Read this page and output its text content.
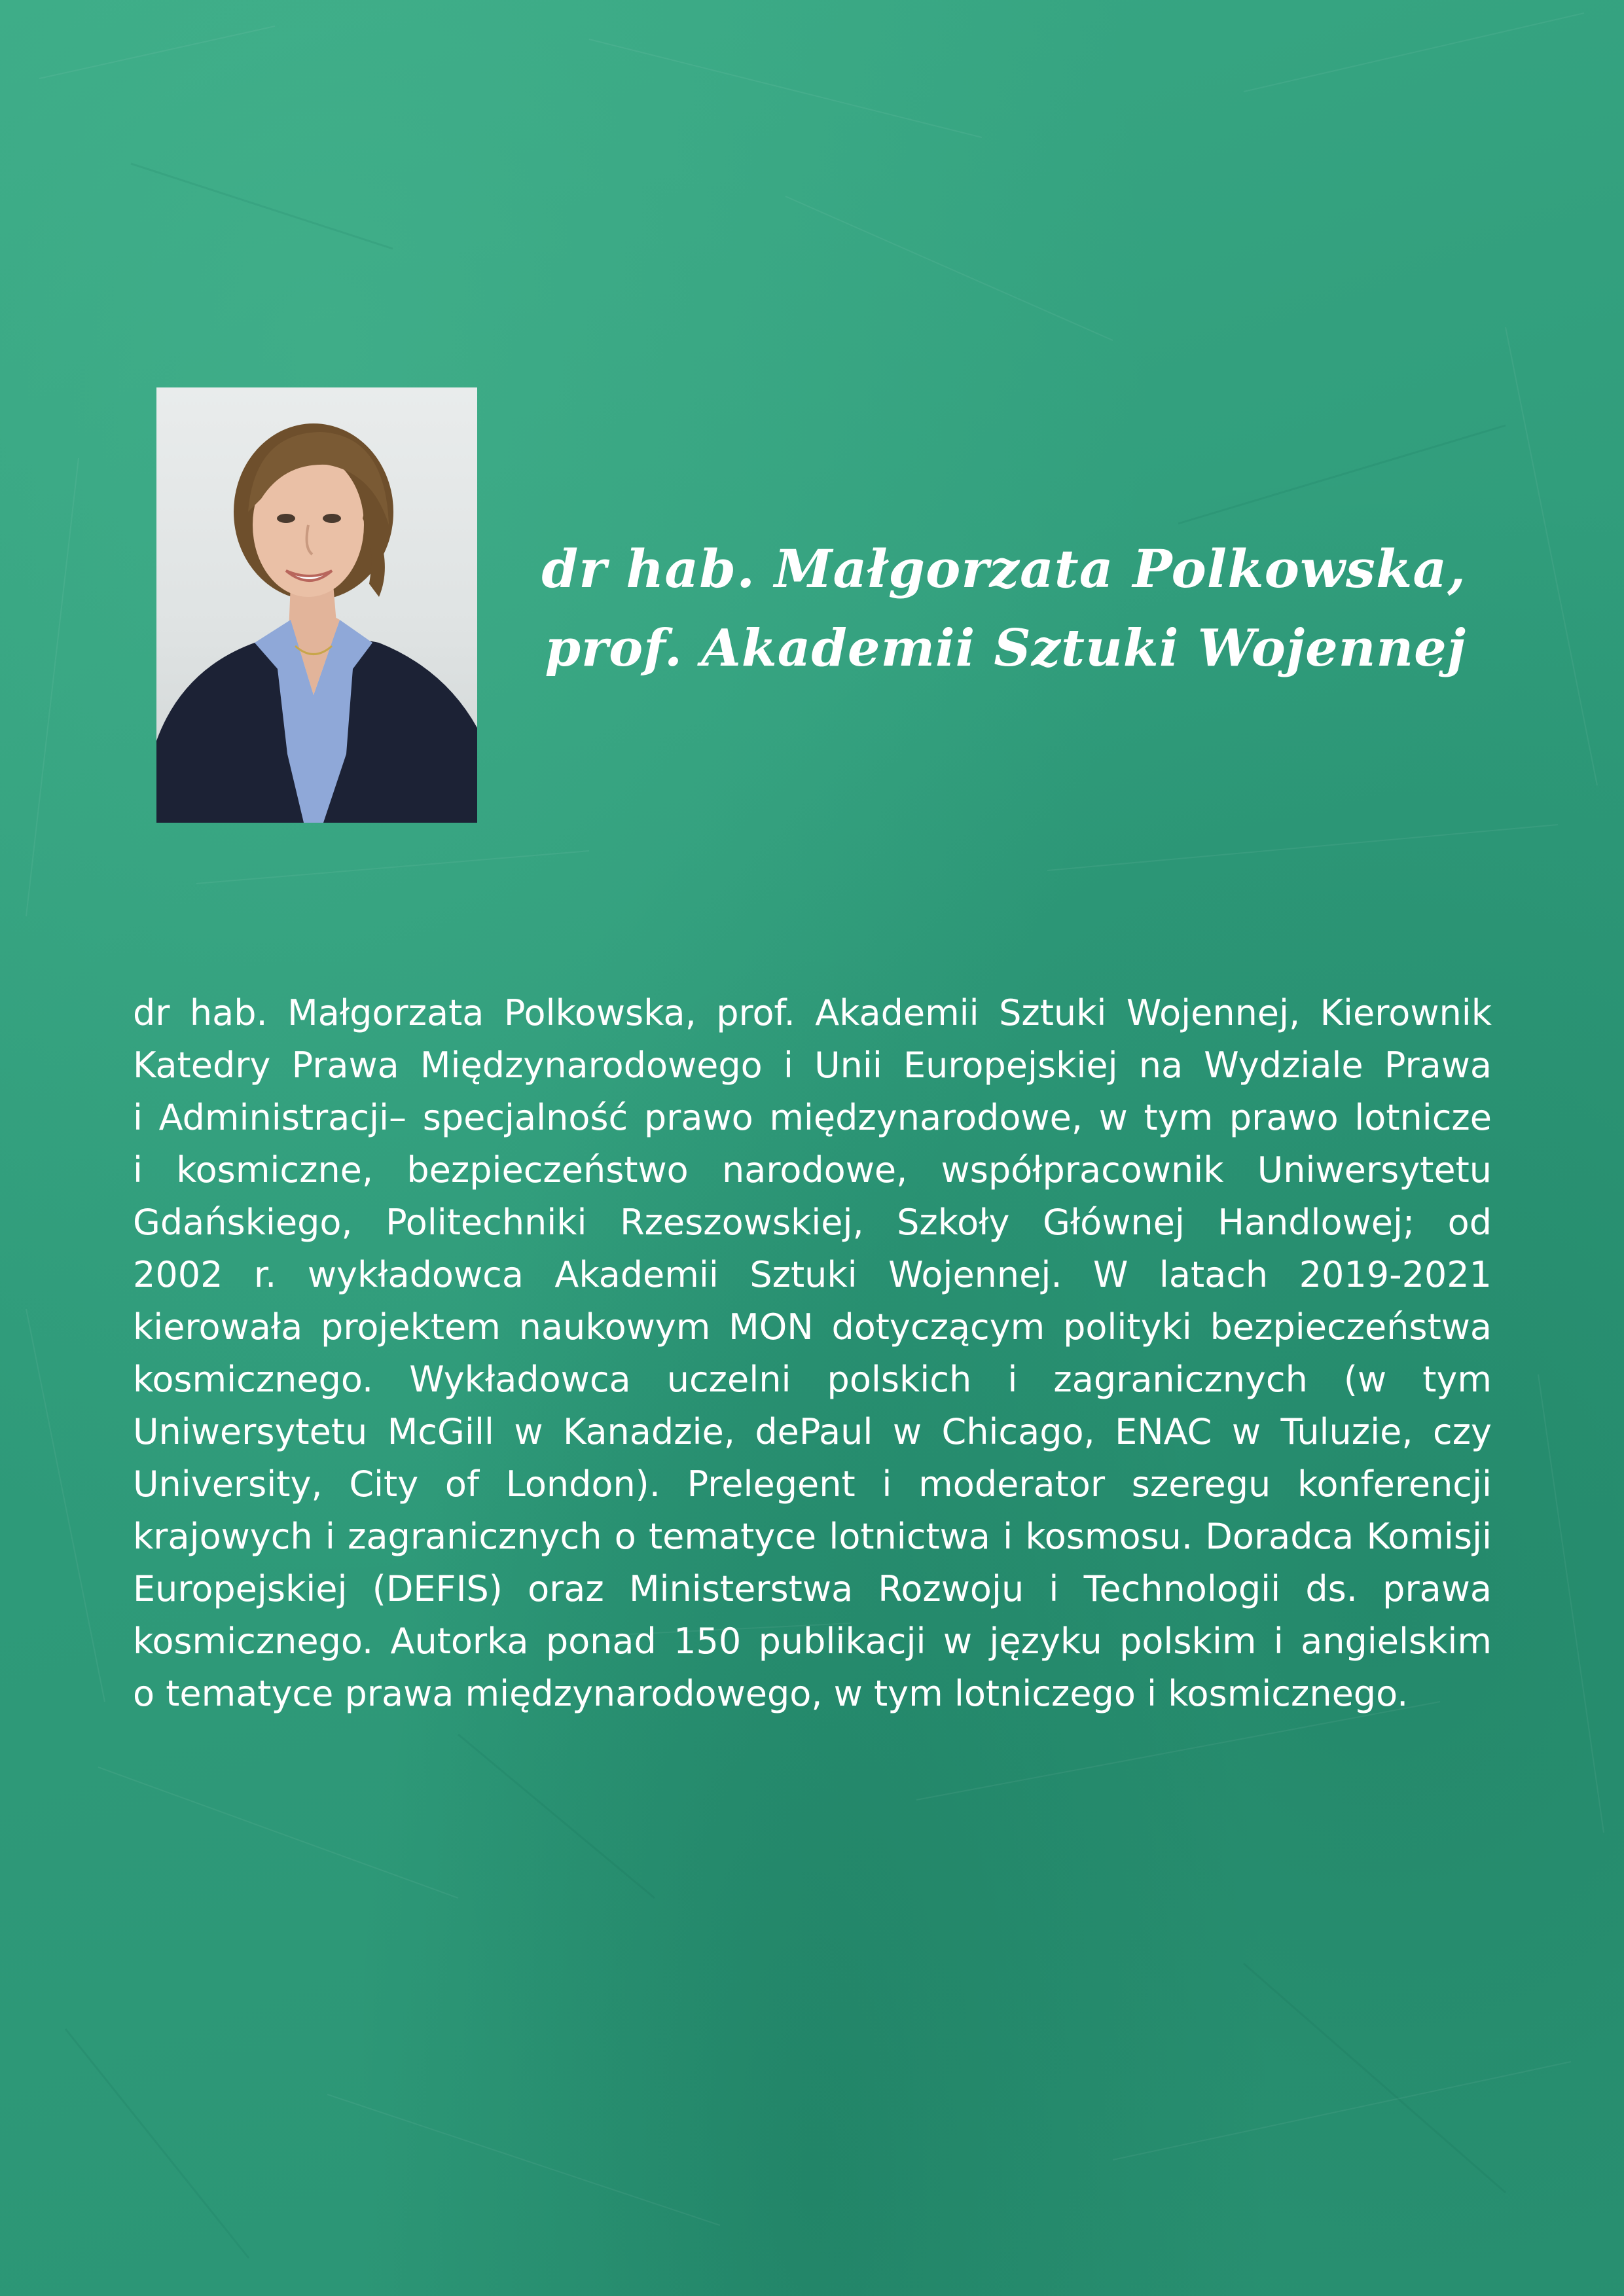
dr hab. Małgorzata Polkowska,
prof. Akademii Sztuki Wojennej
dr hab. Małgorzata Polkowska, prof. Akademii Sztuki Wojennej, Kierownik
Katedry Prawa Międzynarodowego i Unii Europejskiej na Wydziale Prawa
i Administracji– specjalność prawo międzynarodowe, w tym prawo lotnicze
i kosmiczne, bezpieczeństwo narodowe, współpracownik Uniwersytetu
Gdańskiego, Politechniki Rzeszowskiej, Szkoły Głównej Handlowej; od
2002 r. wykładowca Akademii Sztuki Wojennej. W latach 2019-2021
kierowała projektem naukowym MON dotyczącym polityki bezpieczeństwa
kosmicznego. Wykładowca uczelni polskich i zagranicznych (w tym
Uniwersytetu McGill w Kanadzie, dePaul w Chicago, ENAC w Tuluzie, czy
University, City of London). Prelegent i moderator szeregu konferencji
krajowych i zagranicznych o tematyce lotnictwa i kosmosu. Doradca Komisji
Europejskiej (DEFIS) oraz Ministerstwa Rozwoju i Technologii ds. prawa
kosmicznego. Autorka ponad 150 publikacji w języku polskim i angielskim
o tematyce prawa międzynarodowego, w tym lotniczego i kosmicznego.
